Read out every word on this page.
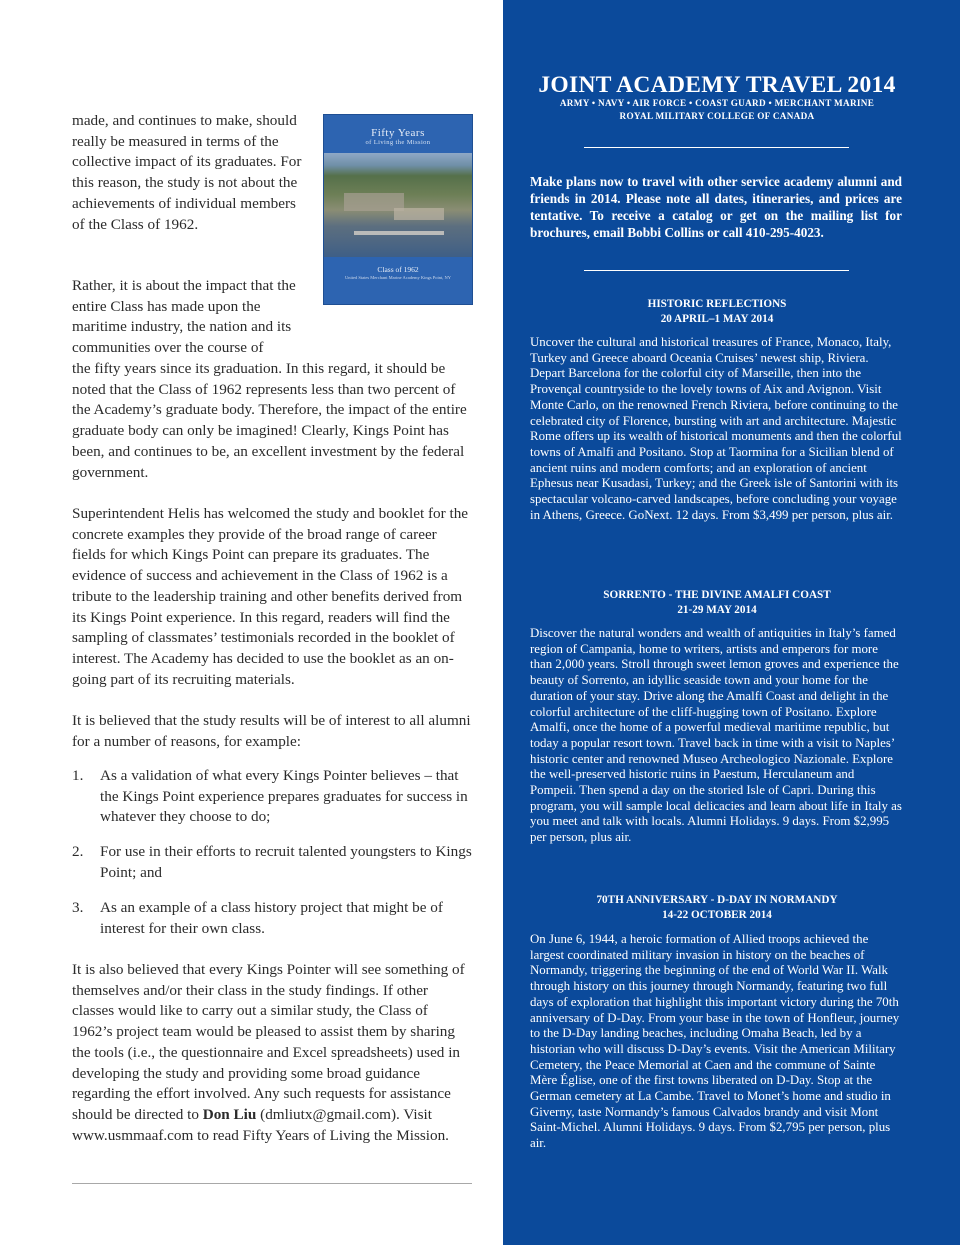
made, and continues to make, should really be measured in terms of the collective impact of its graduates. For this reason, the study is not about the achievements of individual members of the Class of 1962.

Fifty Years
of Living the Mission
Class of 1962
United States Merchant Marine Academy Kings Point, NY

Rather, it is about the impact that the entire Class has made upon the maritime industry, the nation and its communities over the course of

the fifty years since its graduation. In this regard, it should be noted that the Class of 1962 represents less than two percent of the Academy’s graduate body. Therefore, the impact of the entire graduate body can only be imagined! Clearly, Kings Point has been, and continues to be, an excellent investment by the federal government.

Superintendent Helis has welcomed the study and booklet for the concrete examples they provide of the broad range of career fields for which Kings Point can prepare its graduates. The evidence of success and achievement in the Class of 1962 is a tribute to the leadership training and other benefits derived from its Kings Point experience. In this regard, readers will find the sampling of classmates’ testimonials recorded in the booklet of interest. The Academy has decided to use the booklet as an on-going part of its recruiting materials.

It is believed that the study results will be of interest to all alumni for a number of reasons, for example:

1.	As a validation of what every Kings Pointer believes – that the Kings Point experience prepares graduates for success in whatever they choose to do;
2.	For use in their efforts to recruit talented youngsters to Kings Point; and
3.	As an example of a class history project that might be of interest for their own class.

It is also believed that every Kings Pointer will see something of themselves and/or their class in the study findings. If other classes would like to carry out a similar study, the Class of 1962’s project team would be pleased to assist them by sharing the tools (i.e., the questionnaire and Excel spreadsheets) used in developing the study and providing some broad guidance regarding the effort involved. Any such requests for assistance should be directed to Don Liu (dmliutx@gmail.com). Visit www.usmmaaf.com to read Fifty Years of Living the Mission.

JOINT ACADEMY TRAVEL 2014
ARMY • NAVY • AIR FORCE • COAST GUARD • MERCHANT MARINE
ROYAL MILITARY COLLEGE OF CANADA

Make plans now to travel with other service academy alumni and friends in 2014. Please note all dates, itineraries, and prices are tentative. To receive a catalog or get on the mailing list for brochures, email Bobbi Collins or call 410-295-4023.

HISTORIC REFLECTIONS
20 APRIL–1 MAY 2014

Uncover the cultural and historical treasures of France, Monaco, Italy, Turkey and Greece aboard Oceania Cruises’ newest ship, Riviera. Depart Barcelona for the colorful city of Marseille, then into the Provençal countryside to the lovely towns of Aix and Avignon. Visit Monte Carlo, on the renowned French Riviera, before continuing to the celebrated city of Florence, bursting with art and architecture. Majestic Rome offers up its wealth of historical monuments and then the colorful towns of Amalfi and Positano. Stop at Taormina for a Sicilian blend of ancient ruins and modern comforts; and an exploration of ancient Ephesus near Kusadasi, Turkey; and the Greek isle of Santorini with its spectacular volcano-carved landscapes, before concluding your voyage in Athens, Greece. GoNext. 12 days. From $3,499 per person, plus air.

SORRENTO - THE DIVINE AMALFI COAST
21-29 MAY 2014

Discover the natural wonders and wealth of antiquities in Italy’s famed region of Campania, home to writers, artists and emperors for more than 2,000 years. Stroll through sweet lemon groves and experience the beauty of Sorrento, an idyllic seaside town and your home for the duration of your stay. Drive along the Amalfi Coast and delight in the colorful architecture of the cliff-hugging town of Positano. Explore Amalfi, once the home of a powerful medieval maritime republic, but today a popular resort town. Travel back in time with a visit to Naples’ historic center and renowned Museo Archeologico Nazionale. Explore the well-preserved historic ruins in Paestum, Herculaneum and Pompeii. Then spend a day on the storied Isle of Capri. During this program, you will sample local delicacies and learn about life in Italy as you meet and talk with locals. Alumni Holidays. 9 days. From $2,995 per person, plus air.

70TH ANNIVERSARY - D-DAY IN NORMANDY
14-22 OCTOBER 2014

On June 6, 1944, a heroic formation of Allied troops achieved the largest coordinated military invasion in history on the beaches of Normandy, triggering the beginning of the end of World War II. Walk through history on this journey through Normandy, featuring two full days of exploration that highlight this important victory during the 70th anniversary of D-Day. From your base in the town of Honfleur, journey to the D-Day landing beaches, including Omaha Beach, led by a historian who will discuss D-Day’s events. Visit the American Military Cemetery, the Peace Memorial at Caen and the commune of Sainte Mère Église, one of the first towns liberated on D-Day. Stop at the German cemetery at La Cambe. Travel to Monet’s home and studio in Giverny, taste Normandy’s famous Calvados brandy and visit Mont Saint-Michel. Alumni Holidays. 9 days. From $2,795 per person, plus air.
